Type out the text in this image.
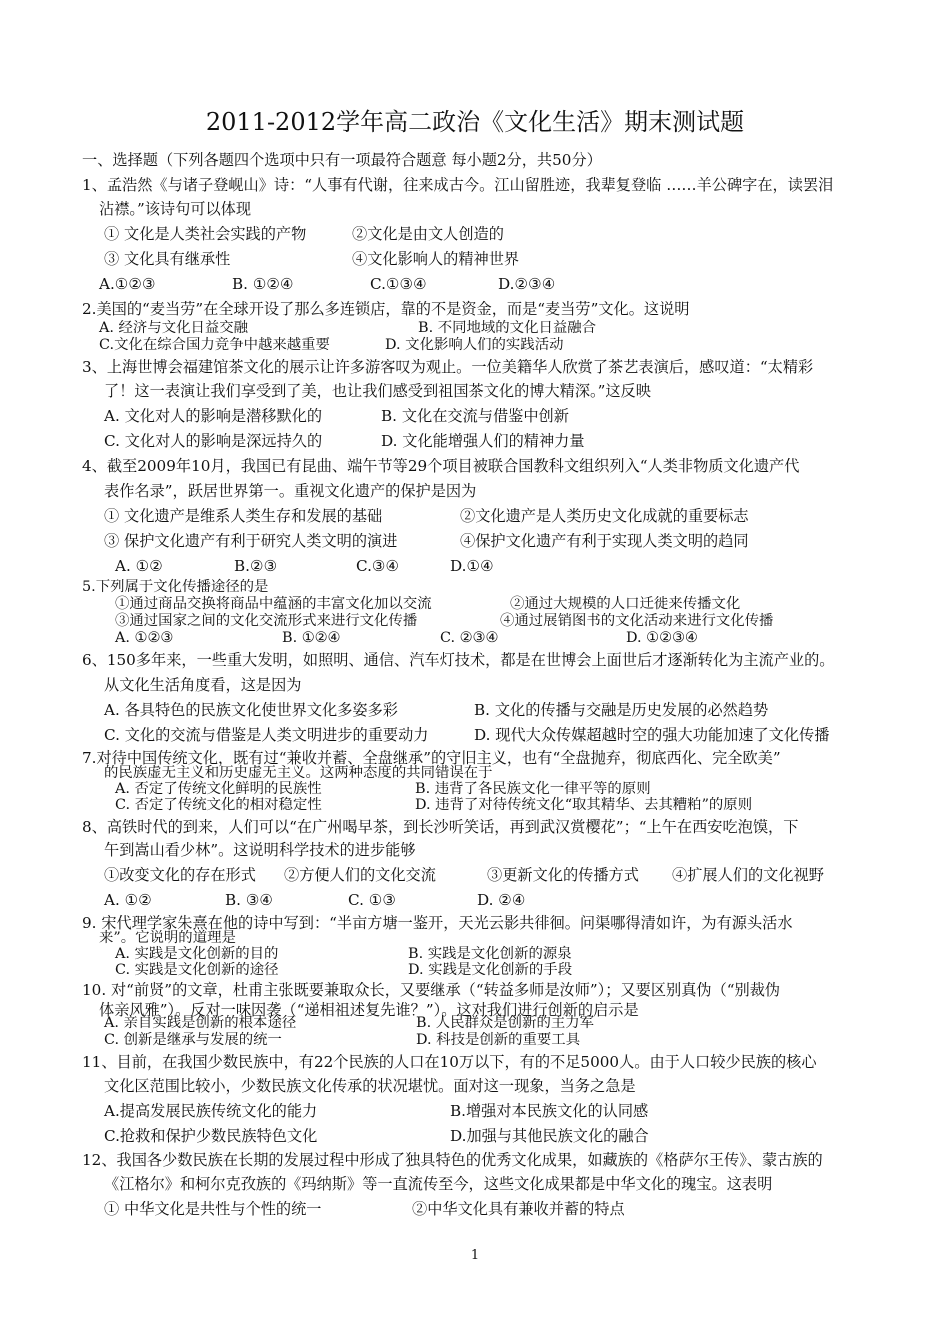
2011-2012学年高二政治《文化生活》期末测试题
一、选择题（下列各题四个选项中只有一项最符合题意 每小题2分，共50分）
1、孟浩然《与诸子登岘山》诗：“人事有代谢，往来成古今。江山留胜迹，我辈复登临 ……羊公碑字在，读罢泪
沾襟。”该诗句可以体现
① 文化是人类社会实践的产物	②文化是由文人创造的
③ 文化具有继承性	④文化影响人的精神世界
A.①②③	B. ①②④	C.①③④	D.②③④
2.美国的“麦当劳”在全球开设了那么多连锁店，靠的不是资金，而是“麦当劳”文化。这说明
A. 经济与文化日益交融	B. 不同地域的文化日益融合
C.文化在综合国力竞争中越来越重要	D. 文化影响人们的实践活动
3、上海世博会福建馆茶文化的展示让许多游客叹为观止。一位美籍华人欣赏了茶艺表演后，感叹道：“太精彩
了！这一表演让我们享受到了美，也让我们感受到祖国茶文化的博大精深。”这反映
A. 文化对人的影响是潜移默化的	B. 文化在交流与借鉴中创新
C. 文化对人的影响是深远持久的	D. 文化能增强人们的精神力量
4、截至2009年10月，我国已有昆曲、端午节等29个项目被联合国教科文组织列入“人类非物质文化遗产代
表作名录”，跃居世界第一。重视文化遗产的保护是因为
① 文化遗产是维系人类生存和发展的基础	②文化遗产是人类历史文化成就的重要标志
③ 保护文化遗产有利于研究人类文明的演进	④保护文化遗产有利于实现人类文明的趋同
A. ①②	B.②③	C.③④	D.①④
5.下列属于文化传播途径的是
①通过商品交换将商品中蕴涵的丰富文化加以交流	②通过大规模的人口迁徙来传播文化
③通过国家之间的文化交流形式来进行文化传播	④通过展销图书的文化活动来进行文化传播
A. ①②③	B. ①②④	C. ②③④	D. ①②③④
6、150多年来，一些重大发明，如照明、通信、汽车灯技术，都是在世博会上面世后才逐渐转化为主流产业的。
从文化生活角度看，这是因为
A. 各具特色的民族文化使世界文化多姿多彩	B. 文化的传播与交融是历史发展的必然趋势
C. 文化的交流与借鉴是人类文明进步的重要动力	D. 现代大众传媒超越时空的强大功能加速了文化传播
7.对待中国传统文化，既有过“兼收并蓄、全盘继承”的守旧主义，也有“全盘抛弃，彻底西化、完全欧美”
的民族虚无主义和历史虚无主义。这两种态度的共同错误在于
A. 否定了传统文化鲜明的民族性	B. 违背了各民族文化一律平等的原则
C. 否定了传统文化的相对稳定性	D. 违背了对待传统文化“取其精华、去其糟粕”的原则
8、高铁时代的到来，人们可以“在广州喝早茶，到长沙听笑话，再到武汉赏樱花”；“上午在西安吃泡馍，下
午到嵩山看少林”。这说明科学技术的进步能够
①改变文化的存在形式 ②方便人们的文化交流	③更新文化的传播方式 ④扩展人们的文化视野
A. ①②	B. ③④	C. ①③	D. ②④
9. 宋代理学家朱熹在他的诗中写到：“半亩方塘一鉴开，天光云影共徘徊。问渠哪得清如许，为有源头活水
来”。它说明的道理是
A. 实践是文化创新的目的	B. 实践是文化创新的源泉
C. 实践是文化创新的途径	D. 实践是文化创新的手段
10. 对“前贤”的文章，杜甫主张既要兼取众长，又要继承（“转益多师是汝师”）；又要区别真伪（“别裁伪
体亲风雅”）。反对一味因袭（“递相祖述复先谁？”）。这对我们进行创新的启示是
A. 亲自实践是创新的根本途径	B. 人民群众是创新的主力军
C. 创新是继承与发展的统一	D. 科技是创新的重要工具
11、目前，在我国少数民族中，有22个民族的人口在10万以下，有的不足5000人。由于人口较少民族的核心
文化区范围比较小，少数民族文化传承的状况堪忧。面对这一现象，当务之急是
A.提高发展民族传统文化的能力	B.增强对本民族文化的认同感
C.抢救和保护少数民族特色文化	D.加强与其他民族文化的融合
12、我国各少数民族在长期的发展过程中形成了独具特色的优秀文化成果，如藏族的《格萨尔王传》、蒙古族的
《江格尔》和柯尔克孜族的《玛纳斯》等一直流传至今，这些文化成果都是中华文化的瑰宝。这表明
① 中华文化是共性与个性的统一	②中华文化具有兼收并蓄的特点
1
